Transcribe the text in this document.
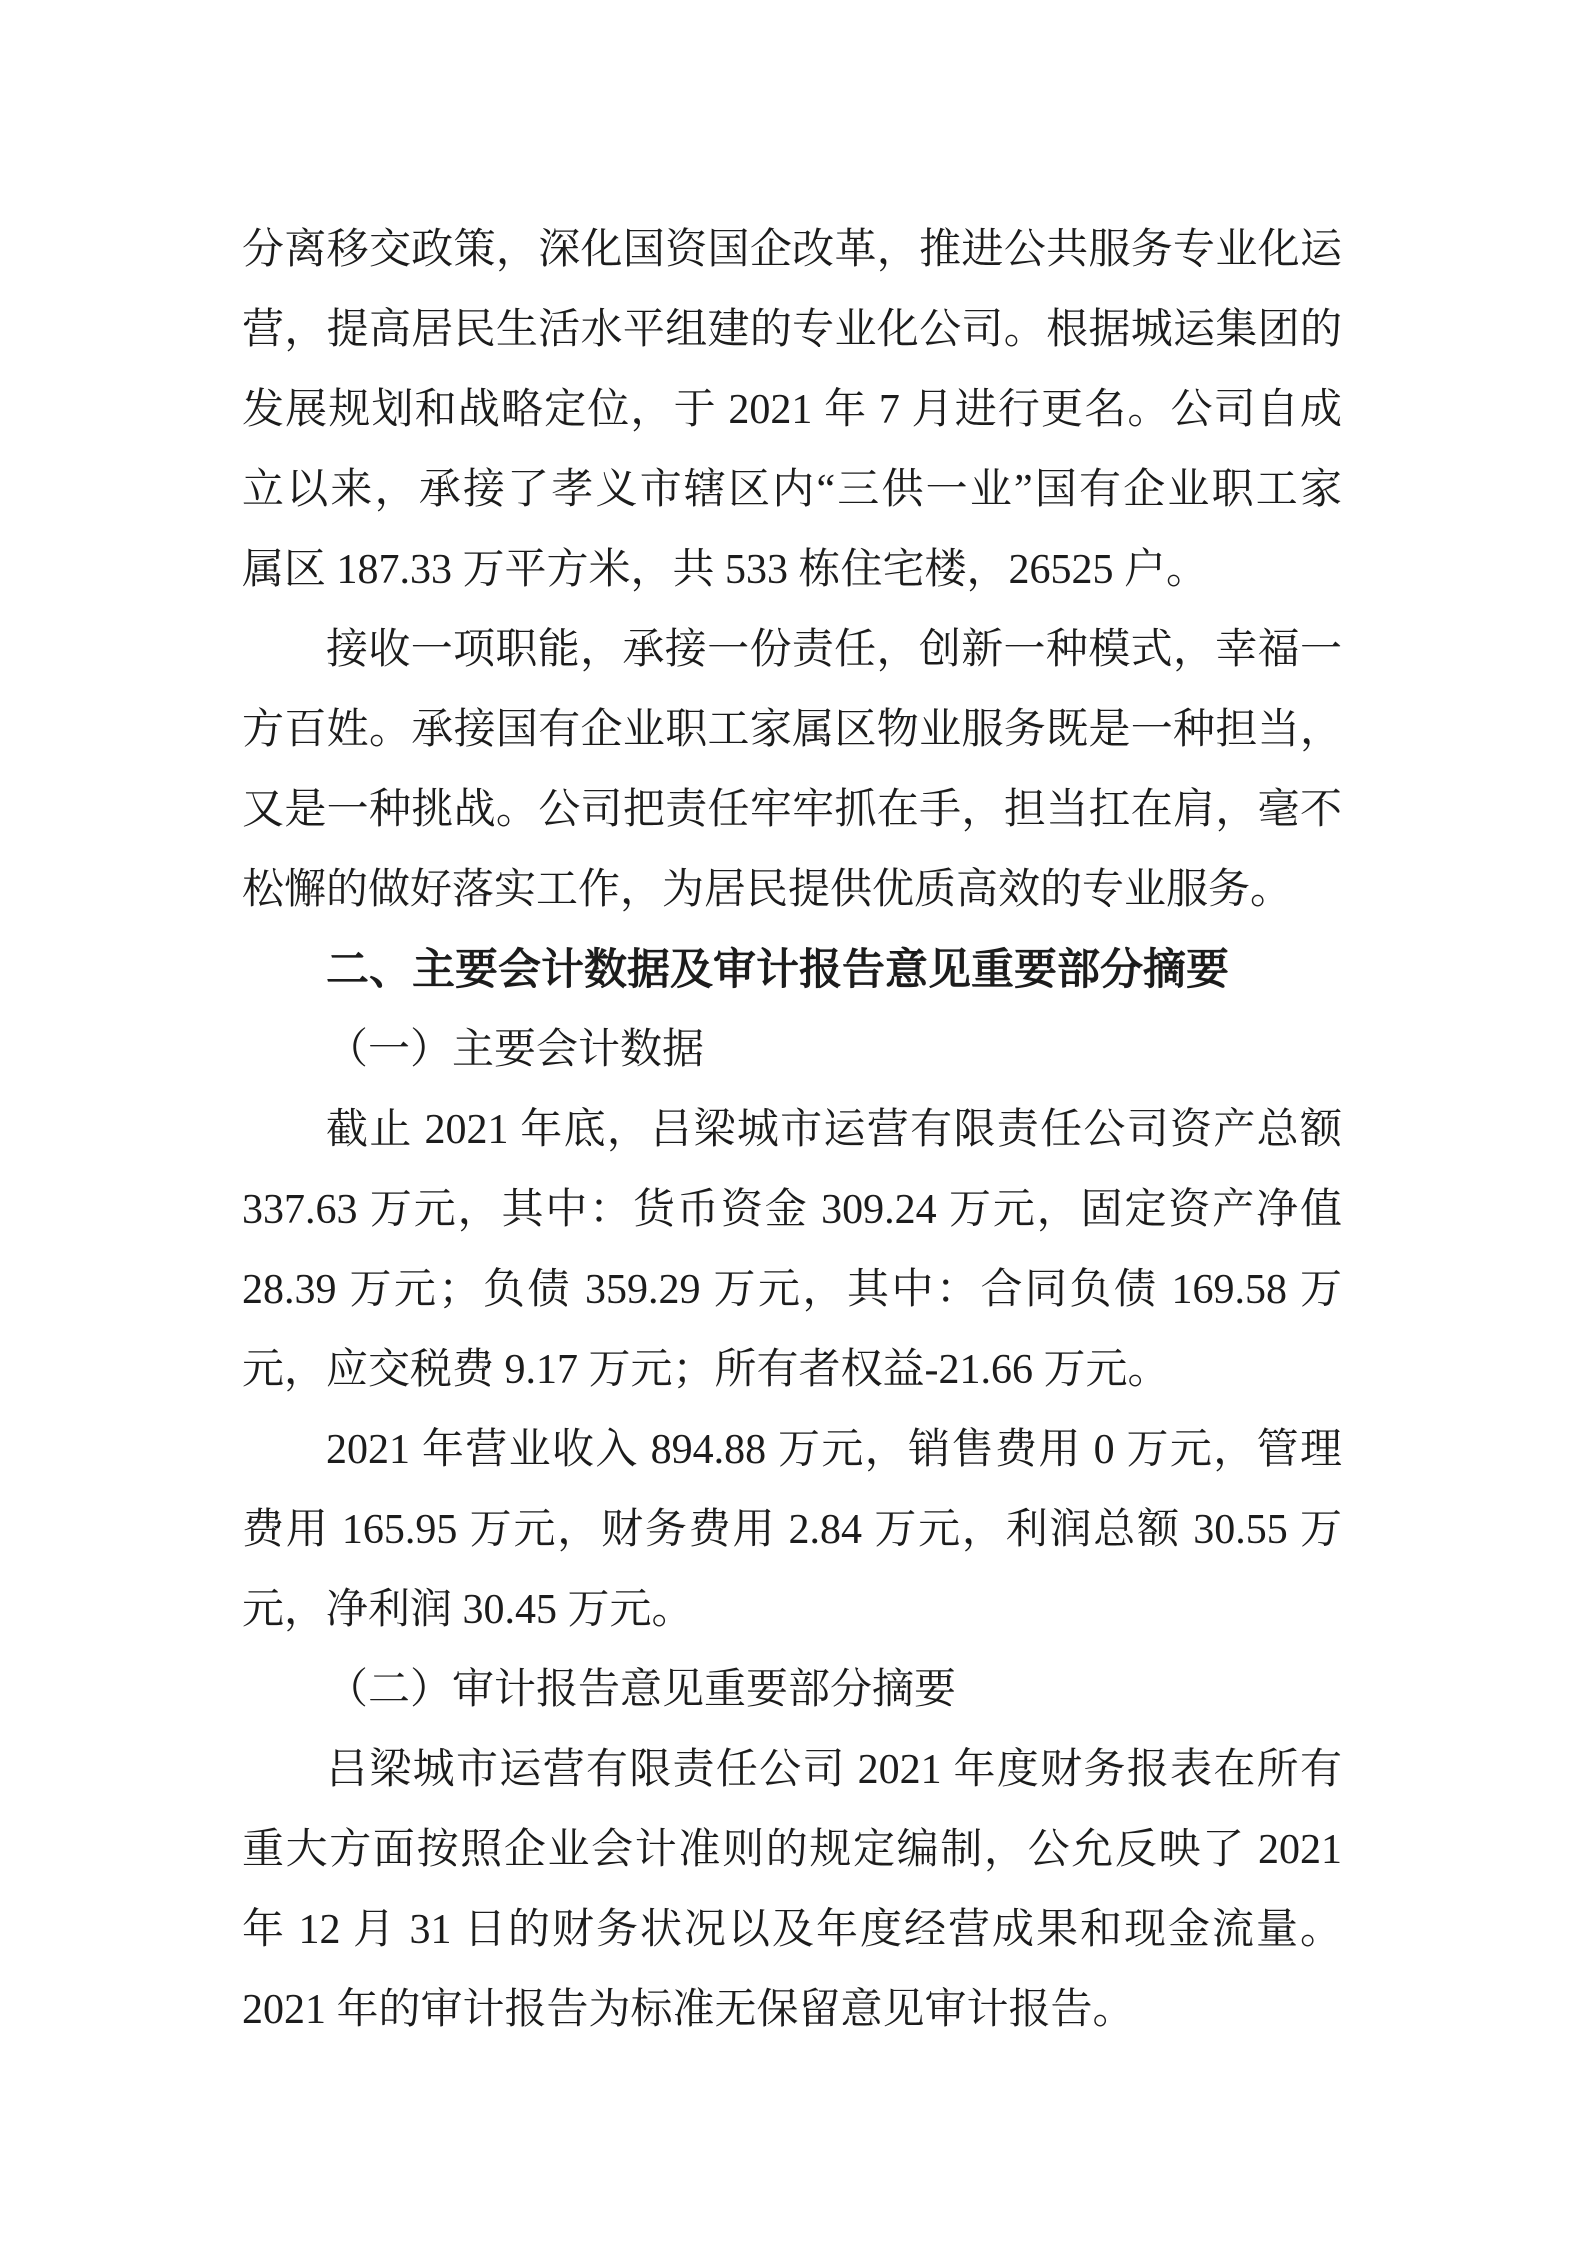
分离移交政策，深化国资国企改革，推进公共服务专业化运
营，提高居民生活水平组建的专业化公司。根据城运集团的
发展规划和战略定位，于 2021 年 7 月进行更名。公司自成
立以来，承接了孝义市辖区内“三供一业”国有企业职工家
属区 187.33 万平方米，共 533 栋住宅楼，26525 户。
接收一项职能，承接一份责任，创新一种模式，幸福一
方百姓。承接国有企业职工家属区物业服务既是一种担当，
又是一种挑战。公司把责任牢牢抓在手，担当扛在肩，毫不
松懈的做好落实工作，为居民提供优质高效的专业服务。
二、主要会计数据及审计报告意见重要部分摘要
（一）主要会计数据
截止 2021 年底，吕梁城市运营有限责任公司资产总额
337.63 万元，其中：货币资金 309.24 万元，固定资产净值
28.39 万元；负债 359.29 万元，其中：合同负债 169.58 万
元，应交税费 9.17 万元；所有者权益-21.66 万元。
2021 年营业收入 894.88 万元，销售费用 0 万元，管理
费用 165.95 万元，财务费用 2.84 万元，利润总额 30.55 万
元，净利润 30.45 万元。
（二）审计报告意见重要部分摘要
吕梁城市运营有限责任公司 2021 年度财务报表在所有
重大方面按照企业会计准则的规定编制，公允反映了 2021
年 12 月 31 日的财务状况以及年度经营成果和现金流量。
2021 年的审计报告为标准无保留意见审计报告。
